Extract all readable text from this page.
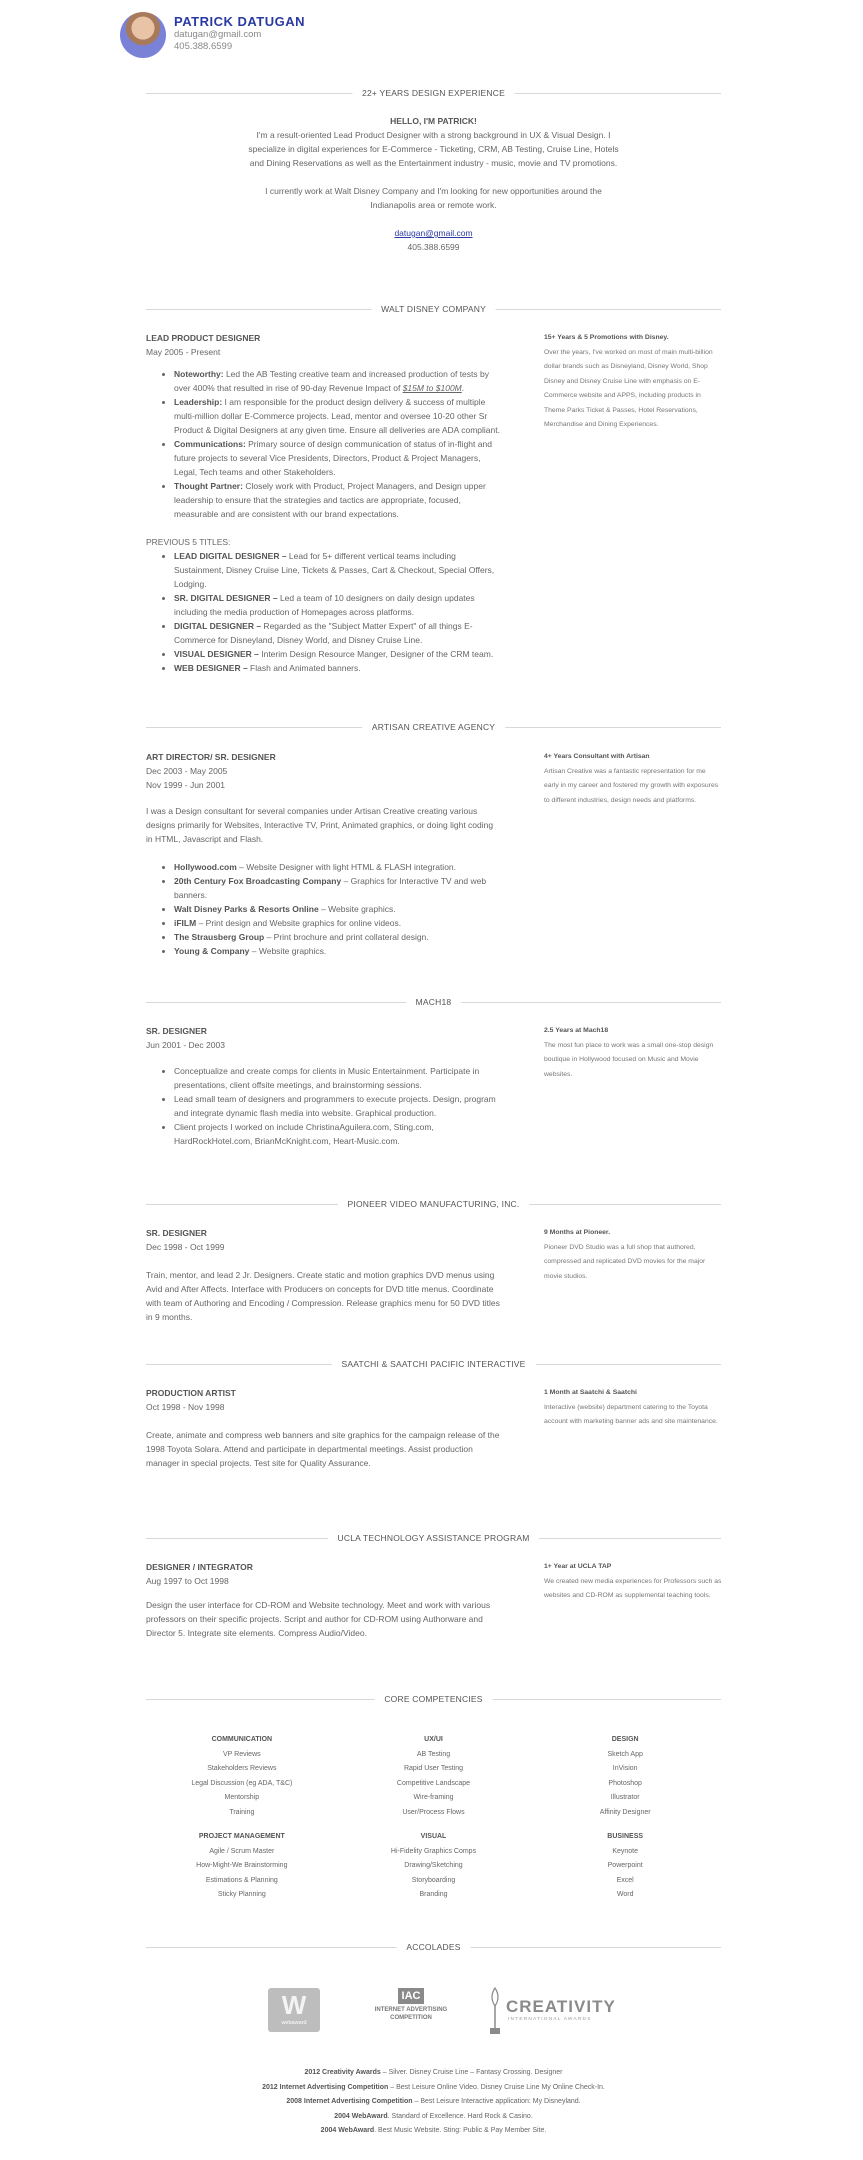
PATRICK DATUGAN
datugan@gmail.com
405.388.6599
22+ YEARS DESIGN EXPERIENCE
HELLO, I'M PATRICK!
I'm a result-oriented Lead Product Designer with a strong background in UX & Visual Design. I specialize in digital experiences for E-Commerce - Ticketing, CRM, AB Testing, Cruise Line, Hotels and Dining Reservations as well as the Entertainment industry - music, movie and TV promotions.
I currently work at Walt Disney Company and I'm looking for new opportunities around the Indianapolis area or remote work.
datugan@gmail.com
405.388.6599
WALT DISNEY COMPANY
LEAD PRODUCT DESIGNER
May 2005 - Present
• Noteworthy: Led the AB Testing creative team and increased production of tests by over 400% that resulted in rise of 90-day Revenue Impact of $15M to $100M.
• Leadership: I am responsible for the product design delivery & success of multiple multi-million dollar E-Commerce projects. Lead, mentor and oversee 10-20 other Sr Product & Digital Designers at any given time. Ensure all deliveries are ADA compliant.
• Communications: Primary source of design communication of status of in-flight and future projects to several Vice Presidents, Directors, Product & Project Managers, Legal, Tech teams and other Stakeholders.
• Thought Partner: Closely work with Product, Project Managers, and Design upper leadership to ensure that the strategies and tactics are appropriate, focused, measurable and are consistent with our brand expectations.
PREVIOUS 5 TITLES:
• LEAD DIGITAL DESIGNER – Lead for 5+ different vertical teams including Sustainment, Disney Cruise Line, Tickets & Passes, Cart & Checkout, Special Offers, Lodging.
• SR. DIGITAL DESIGNER – Led a team of 10 designers on daily design updates including the media production of Homepages across platforms.
• DIGITAL DESIGNER – Regarded as the "Subject Matter Expert" of all things E-Commerce for Disneyland, Disney World, and Disney Cruise Line.
• VISUAL DESIGNER – Interim Design Resource Manger, Designer of the CRM team.
• WEB DESIGNER – Flash and Animated banners.
15+ Years & 5 Promotions with Disney.
Over the years, I've worked on most of main multi-billion dollar brands such as Disneyland, Disney World, Shop Disney and Disney Cruise Line with emphasis on E-Commerce website and APPS, including products in Theme Parks Ticket & Passes, Hotel Reservations, Merchandise and Dining Experiences.
ARTISAN CREATIVE AGENCY
ART DIRECTOR/ SR. DESIGNER
Dec 2003 - May 2005
Nov 1999 - Jun 2001
I was a Design consultant for several companies under Artisan Creative creating various designs primarily for Websites, Interactive TV, Print, Animated graphics, or doing light coding in HTML, Javascript and Flash.
• Hollywood.com – Website Designer with light HTML & FLASH integration.
• 20th Century Fox Broadcasting Company – Graphics for Interactive TV and web banners.
• Walt Disney Parks & Resorts Online – Website graphics.
• iFILM – Print design and Website graphics for online videos.
• The Strausberg Group – Print brochure and print collateral design.
• Young & Company – Website graphics.
4+ Years Consultant with Artisan
Artisan Creative was a fantastic representation for me early in my career and fostered my growth with exposures to different industries, design needs and platforms.
MACH18
SR. DESIGNER
Jun 2001 - Dec 2003
• Conceptualize and create comps for clients in Music Entertainment. Participate in presentations, client offsite meetings, and brainstorming sessions.
• Lead small team of designers and programmers to execute projects. Design, program and integrate dynamic flash media into website. Graphical production.
• Client projects I worked on include ChristinaAguilera.com, Sting.com, HardRockHotel.com, BrianMcKnight.com, Heart-Music.com.
2.5 Years at Mach18
The most fun place to work was a small one-stop design boutique in Hollywood focused on Music and Movie websites.
PIONEER VIDEO MANUFACTURING, INC.
SR. DESIGNER
Dec 1998 - Oct 1999
Train, mentor, and lead 2 Jr. Designers. Create static and motion graphics DVD menus using Avid and After Affects. Interface with Producers on concepts for DVD title menus. Coordinate with team of Authoring and Encoding / Compression. Release graphics menu for 50 DVD titles in 9 months.
9 Months at Pioneer.
Pioneer DVD Studio was a full shop that authored, compressed and replicated DVD movies for the major movie studios.
SAATCHI & SAATCHI PACIFIC INTERACTIVE
PRODUCTION ARTIST
Oct 1998 - Nov 1998
Create, animate and compress web banners and site graphics for the campaign release of the 1998 Toyota Solara. Attend and participate in departmental meetings. Assist production manager in special projects. Test site for Quality Assurance.
1 Month at Saatchi & Saatchi
Interactive (website) department catering to the Toyota account with marketing banner ads and site maintenance.
UCLA TECHNOLOGY ASSISTANCE PROGRAM
DESIGNER / INTEGRATOR
Aug 1997 to Oct 1998
Design the user interface for CD-ROM and Website technology. Meet and work with various professors on their specific projects. Script and author for CD-ROM using Authorware and Director 5. Integrate site elements. Compress Audio/Video.
1+ Year at UCLA TAP
We created new media experiences for Professors such as websites and CD-ROM as supplemental teaching tools.
CORE COMPETENCIES
COMMUNICATION
VP Reviews
Stakeholders Reviews
Legal Discussion (eg ADA, T&C)
Mentorship
Training
UX/UI
AB Testing
Rapid User Testing
Competitive Landscape
Wire-framing
User/Process Flows
DESIGN
Sketch App
InVision
Photoshop
Illustrator
Affinity Designer
PROJECT MANAGEMENT
Agile / Scrum Master
How-Might-We Brainstorming
Estimations & Planning
Sticky Planning
VISUAL
Hi-Fidelity Graphics Comps
Drawing/Sketching
Storyboarding
Branding
BUSINESS
Keynote
Powerpoint
Excel
Word
ACCOLADES
W
webaward
IAC
INTERNET ADVERTISING
COMPETITION
CREATIVITY
INTERNATIONAL AWARDS
2012 Creativity Awards – Silver. Disney Cruise Line – Fantasy Crossing. Designer
2012 Internet Advertising Competition – Best Leisure Online Video. Disney Cruise Line My Online Check-In.
2008 Internet Advertising Competition – Best Leisure Interactive application: My Disneyland.
2004 WebAward. Standard of Excellence. Hard Rock & Casino.
2004 WebAward. Best Music Website. Sting: Public & Pay Member Site.
